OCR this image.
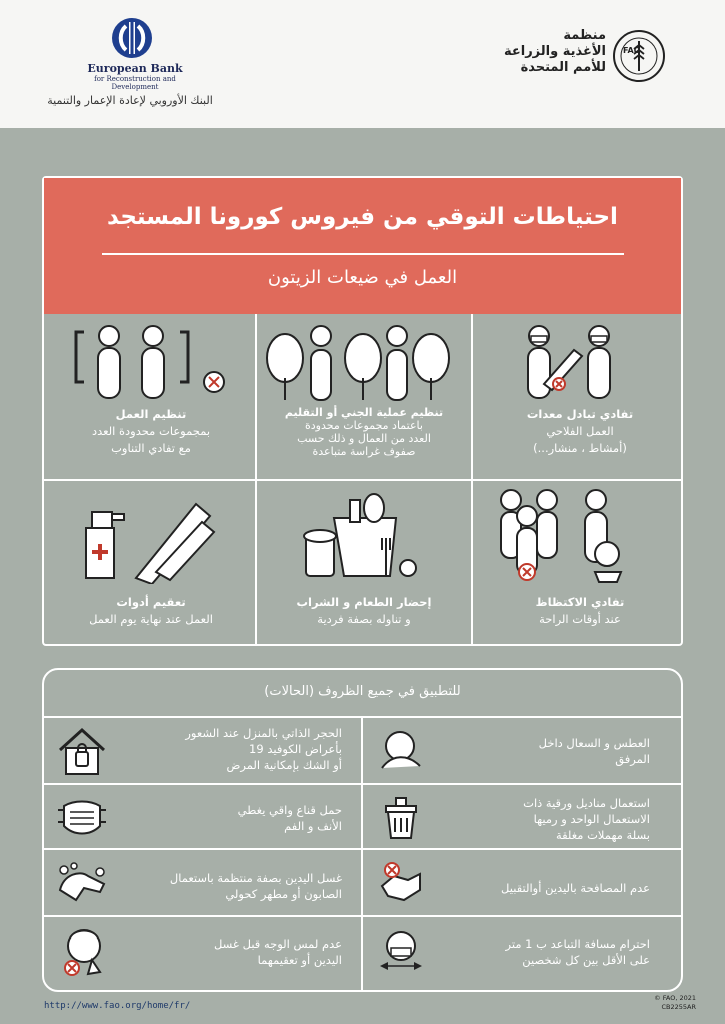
European Bank
for Reconstruction and Development
البنك الأوروبي لإعادة الإعمار والتنمية
منظمة
الأغذية والزراعة
للأمم المتحدة
FAO
احتياطات التوقي من فيروس كورونا المستجد
العمل في ضيعات الزيتون
تفادي تبادل معدات
العمل الفلاحي
(أمشاط ، منشار...)
تنظيم عملية الجني أو التقليم
باعتماد مجموعات محدودة
العدد من العمال و ذلك حسب
صفوف غراسة متباعدة
تنظيم العمل
بمجموعات محدودة العدد
مع تفادي التناوب
تفادي الاكتظاظ
عند أوقات الراحة
إحضار الطعام و الشراب
و تناوله بصفة فردية
تعقيم أدوات
العمل عند نهاية يوم العمل
للتطبيق في جميع الظروف (الحالات)
العطس و السعال داخل
المرفق
استعمال مناديل ورقية ذات
الاستعمال الواحد و رميها
بسلة مهملات مغلقة
عدم المصافحة باليدين أوالتقبيل
احترام مسافة التباعد ب 1 متر
على الأقل بين كل شخصين
الحجر الذاتي بالمنزل عند الشعور
بأعراض الكوفيد 19
أو الشك بإمكانية المرض
حمل قناع واقي يغطي
الأنف و الفم
غسل اليدين بصفة منتظمة باستعمال
الصابون أو مطهر كحولي
عدم لمس الوجه قبل غسل
اليدين أو تعقيمهما
http://www.fao.org/home/fr/
© FAO, 2021
CB2255AR
